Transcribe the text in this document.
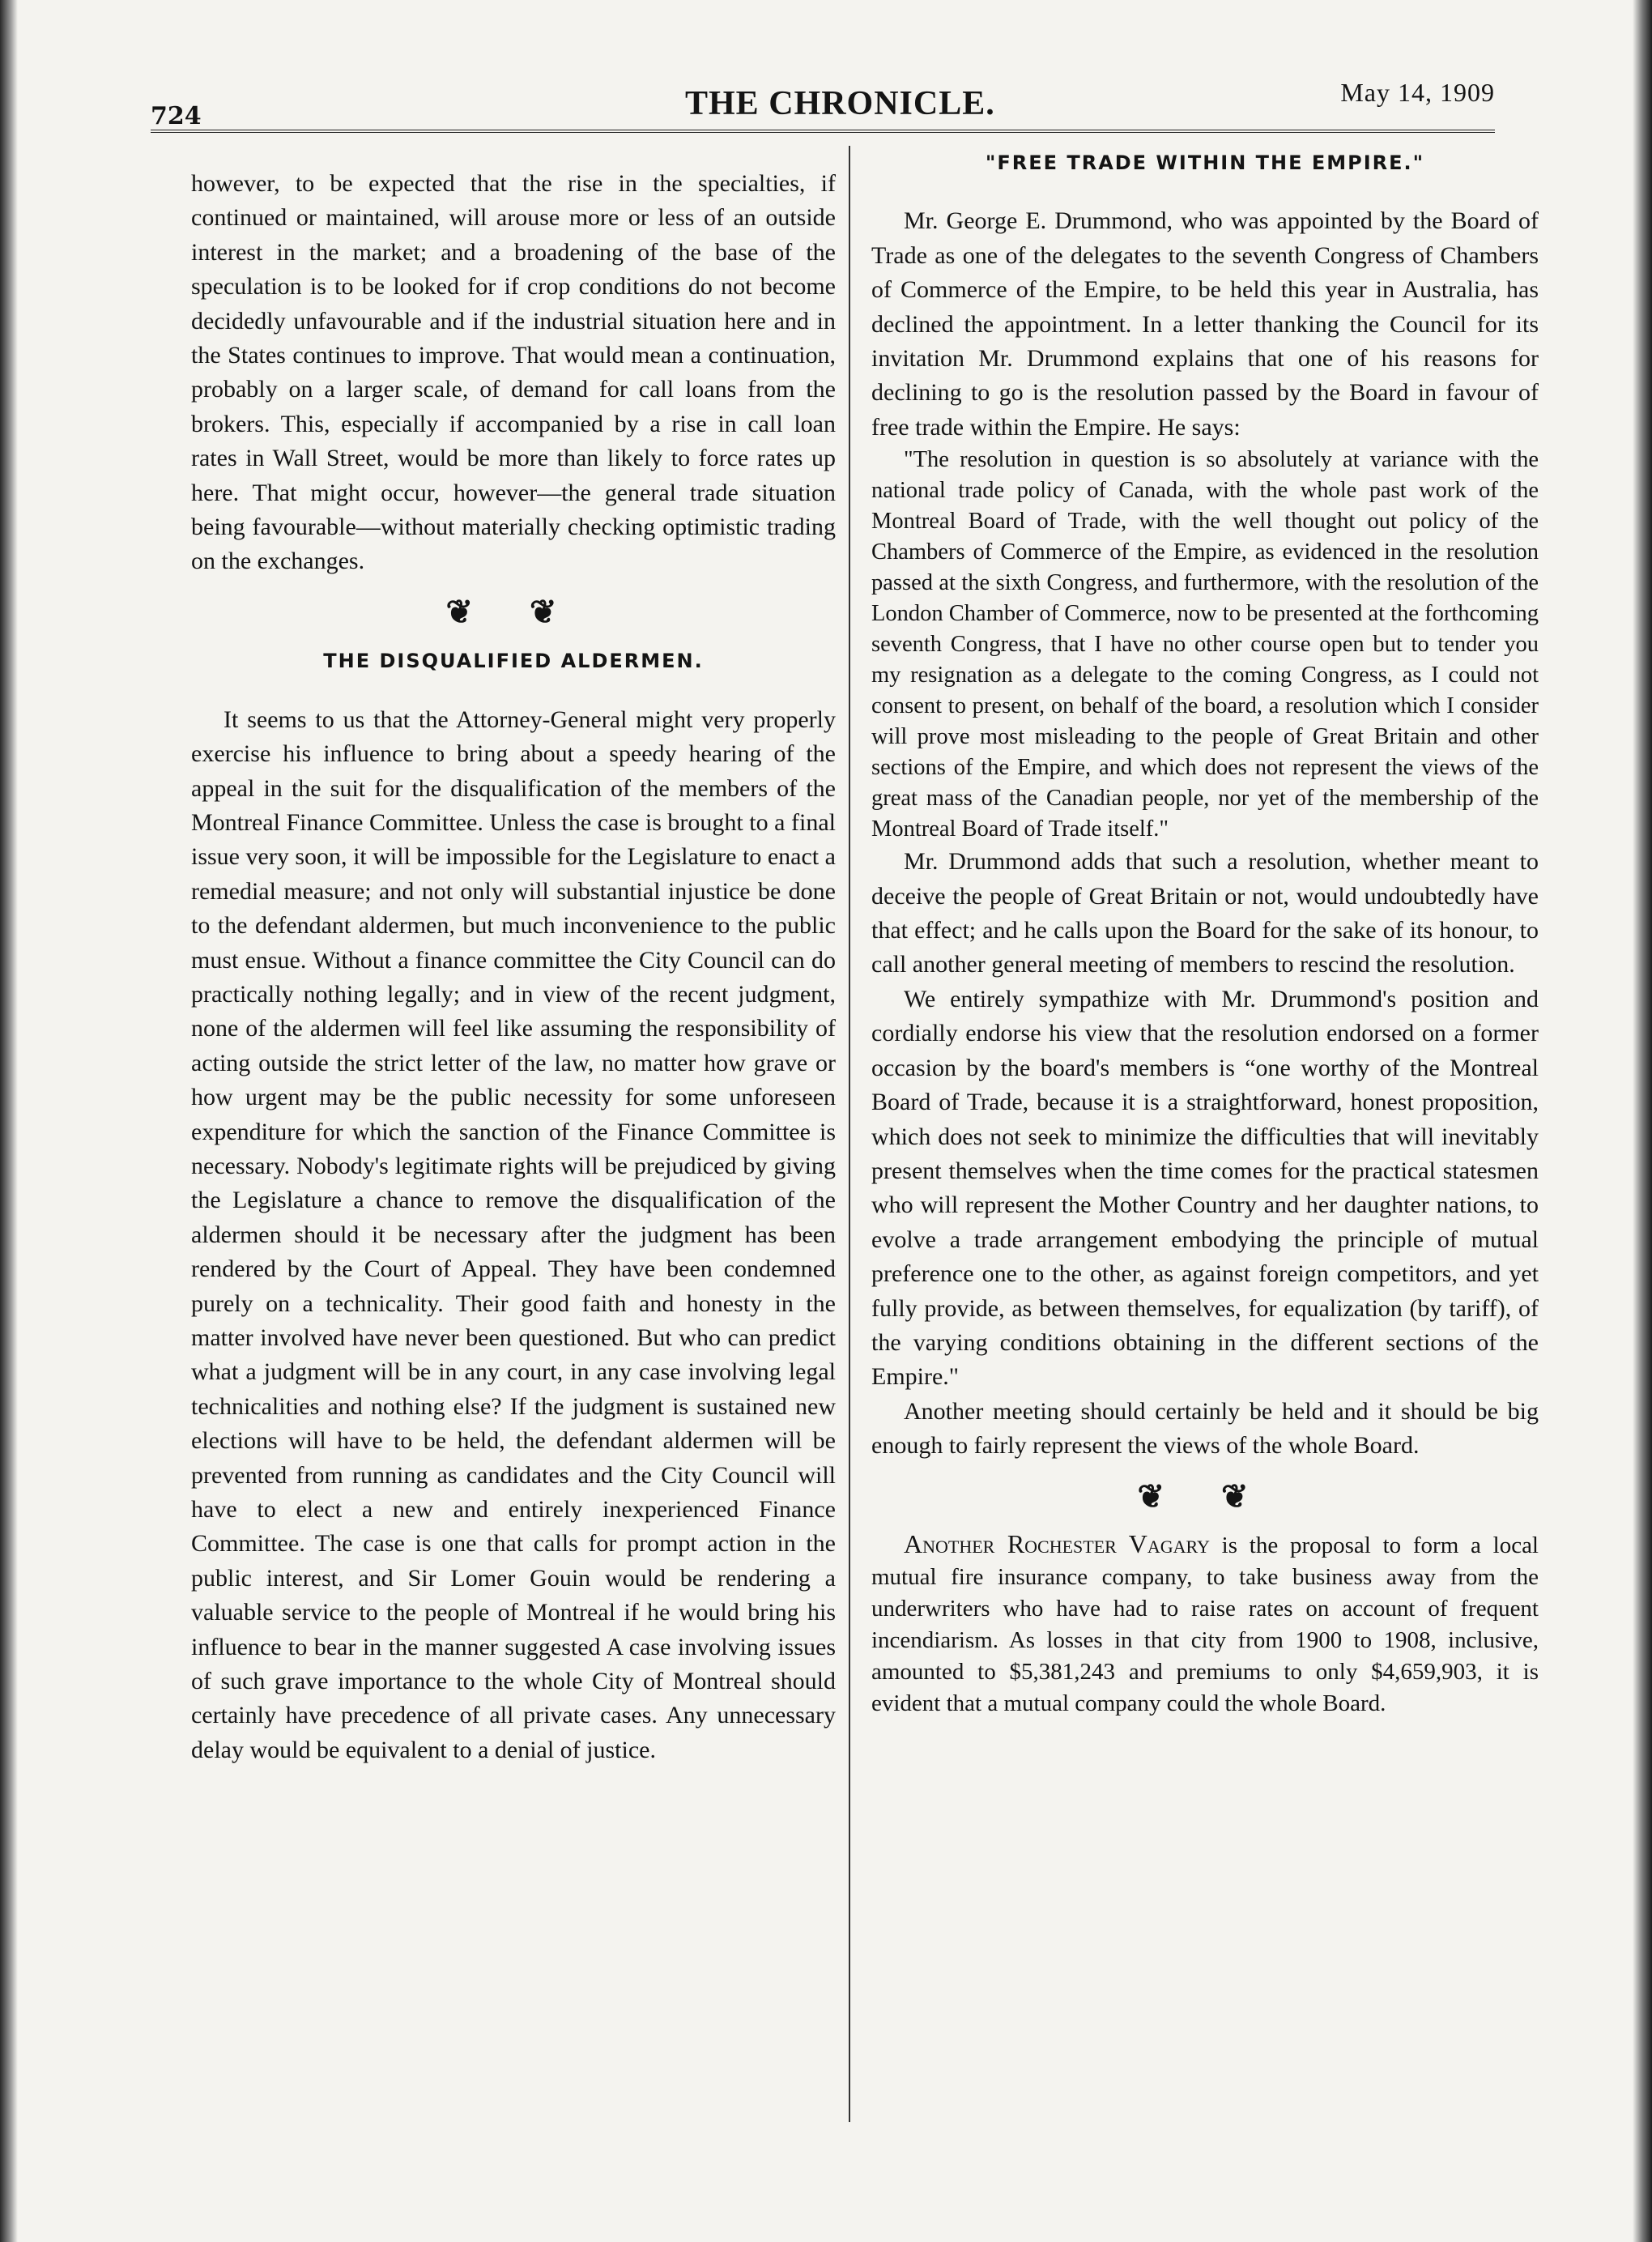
724	THE CHRONICLE.	May 14, 1909

however, to be expected that the rise in the specialties, if continued or maintained, will arouse more or less of an outside interest in the market; and a broadening of the base of the speculation is to be looked for if crop conditions do not become decidedly unfavourable and if the industrial situation here and in the States continues to improve. That would mean a continuation, probably on a larger scale, of demand for call loans from the brokers. This, especially if accompanied by a rise in call loan rates in Wall Street, would be more than likely to force rates up here. That might occur, however—the general trade situation being favourable—without materially checking optimistic trading on the exchanges.

❦ ❦
THE DISQUALIFIED ALDERMEN.

It seems to us that the Attorney-General might very properly exercise his influence to bring about a speedy hearing of the appeal in the suit for the disqualification of the members of the Montreal Finance Committee. Unless the case is brought to a final issue very soon, it will be impossible for the Legislature to enact a remedial measure; and not only will substantial injustice be done to the defendant aldermen, but much inconvenience to the public must ensue. Without a finance committee the City Council can do practically nothing legally; and in view of the recent judgment, none of the aldermen will feel like assuming the responsibility of acting outside the strict letter of the law, no matter how grave or how urgent may be the public necessity for some unforeseen expenditure for which the sanction of the Finance Committee is necessary. Nobody's legitimate rights will be prejudiced by giving the Legislature a chance to remove the disqualification of the aldermen should it be necessary after the judgment has been rendered by the Court of Appeal. They have been condemned purely on a technicality. Their good faith and honesty in the matter involved have never been questioned. But who can predict what a judgment will be in any court, in any case involving legal technicalities and nothing else? If the judgment is sustained new elections will have to be held, the defendant aldermen will be prevented from running as candidates and the City Council will have to elect a new and entirely inexperienced Finance Committee. The case is one that calls for prompt action in the public interest, and Sir Lomer Gouin would be rendering a valuable service to the people of Montreal if he would bring his influence to bear in the manner suggested A case involving issues of such grave importance to the whole City of Montreal should certainly have precedence of all private cases. Any unnecessary delay would be equivalent to a denial of justice.

"FREE TRADE WITHIN THE EMPIRE."

Mr. George E. Drummond, who was appointed by the Board of Trade as one of the delegates to the seventh Congress of Chambers of Commerce of the Empire, to be held this year in Australia, has declined the appointment. In a letter thanking the Council for its invitation Mr. Drummond explains that one of his reasons for declining to go is the resolution passed by the Board in favour of free trade within the Empire. He says:

"The resolution in question is so absolutely at variance with the national trade policy of Canada, with the whole past work of the Montreal Board of Trade, with the well thought out policy of the Chambers of Commerce of the Empire, as evidenced in the resolution passed at the sixth Congress, and furthermore, with the resolution of the London Chamber of Commerce, now to be presented at the forthcoming seventh Congress, that I have no other course open but to tender you my resignation as a delegate to the coming Congress, as I could not consent to present, on behalf of the board, a resolution which I consider will prove most misleading to the people of Great Britain and other sections of the Empire, and which does not represent the views of the great mass of the Canadian people, nor yet of the membership of the Montreal Board of Trade itself."

Mr. Drummond adds that such a resolution, whether meant to deceive the people of Great Britain or not, would undoubtedly have that effect; and he calls upon the Board for the sake of its honour, to call another general meeting of members to rescind the resolution.

We entirely sympathize with Mr. Drummond's position and cordially endorse his view that the resolution endorsed on a former occasion by the board's members is “one worthy of the Montreal Board of Trade, because it is a straightforward, honest proposition, which does not seek to minimize the difficulties that will inevitably present themselves when the time comes for the practical statesmen who will represent the Mother Country and her daughter nations, to evolve a trade arrangement embodying the principle of mutual preference one to the other, as against foreign competitors, and yet fully provide, as between themselves, for equalization (by tariff), of the varying conditions obtaining in the different sections of the Empire."

Another meeting should certainly be held and it should be big enough to fairly represent the views of the whole Board.

❦ ❦

Another Rochester Vagary is the proposal to form a local mutual fire insurance company, to take business away from the underwriters who have had to raise rates on account of frequent incendiarism. As losses in that city from 1900 to 1908, inclusive, amounted to $5,381,243 and premiums to only $4,659,903, it is evident that a mutual company could the whole Board.
